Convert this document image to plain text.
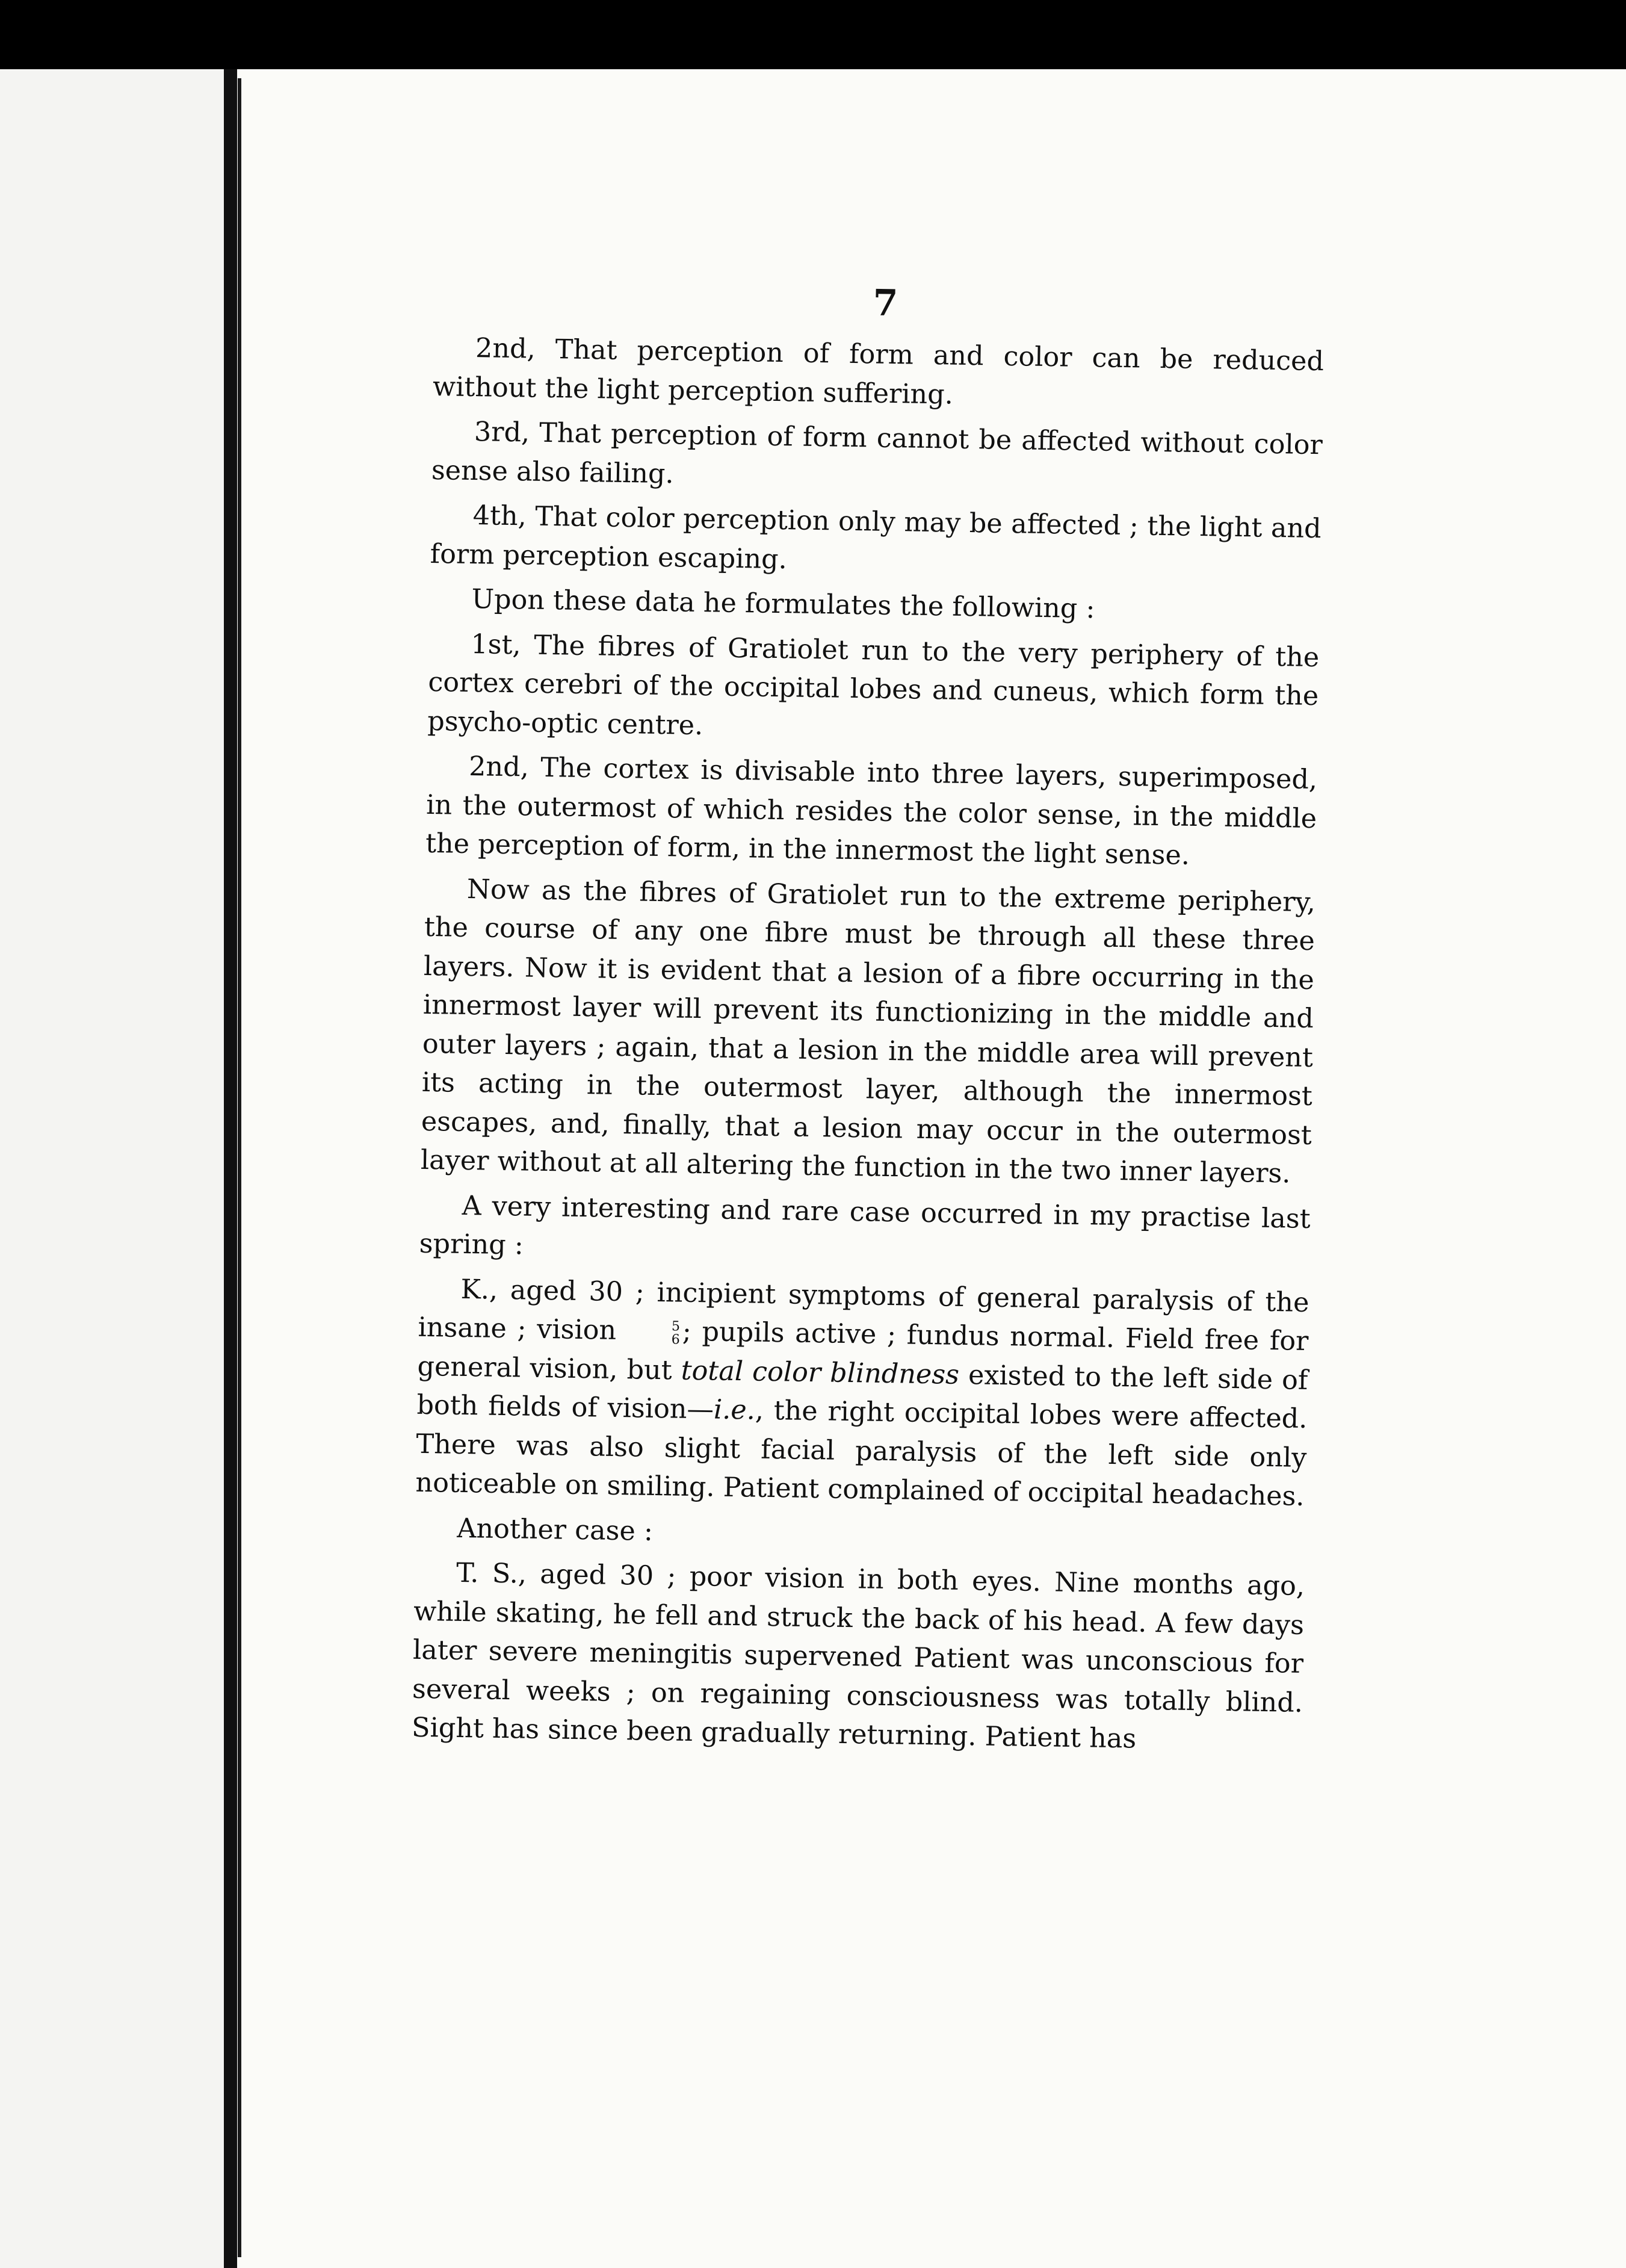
7

2nd, That perception of form and color can be reduced without the light perception suffering.

3rd, That perception of form cannot be affected without color sense also failing.

4th, That color perception only may be affected ; the light and form perception escaping.

Upon these data he formulates the following :

1st, The fibres of Gratiolet run to the very periphery of the cortex cerebri of the occipital lobes and cuneus, which form the psycho-optic centre.

2nd, The cortex is divisable into three layers, superimposed, in the outermost of which resides the color sense, in the middle the perception of form, in the innermost the light sense.

Now as the fibres of Gratiolet run to the extreme periphery, the course of any one fibre must be through all these three layers. Now it is evident that a lesion of a fibre occurring in the innermost layer will prevent its functionizing in the middle and outer layers ; again, that a lesion in the middle area will prevent its acting in the outermost layer, although the innermost escapes, and, finally, that a lesion may occur in the outermost layer without at all altering the function in the two inner layers.

A very interesting and rare case occurred in my practise last spring :

K., aged 30 ; incipient symptoms of general paralysis of the insane ; vision	5
6 ; pupils active ; fundus normal. Field free for general vision, but total color blindness existed to the left side of both fields of vision—i.e., the right occipital lobes were affected. There was also slight facial paralysis of the left side only noticeable on smiling. Patient complained of occipital headaches.

Another case :

T. S., aged 30 ; poor vision in both eyes. Nine months ago, while skating, he fell and struck the back of his head. A few days later severe meningitis supervened Patient was unconscious for several weeks ; on regaining consciousness was totally blind. Sight has since been gradually returning. Patient has
